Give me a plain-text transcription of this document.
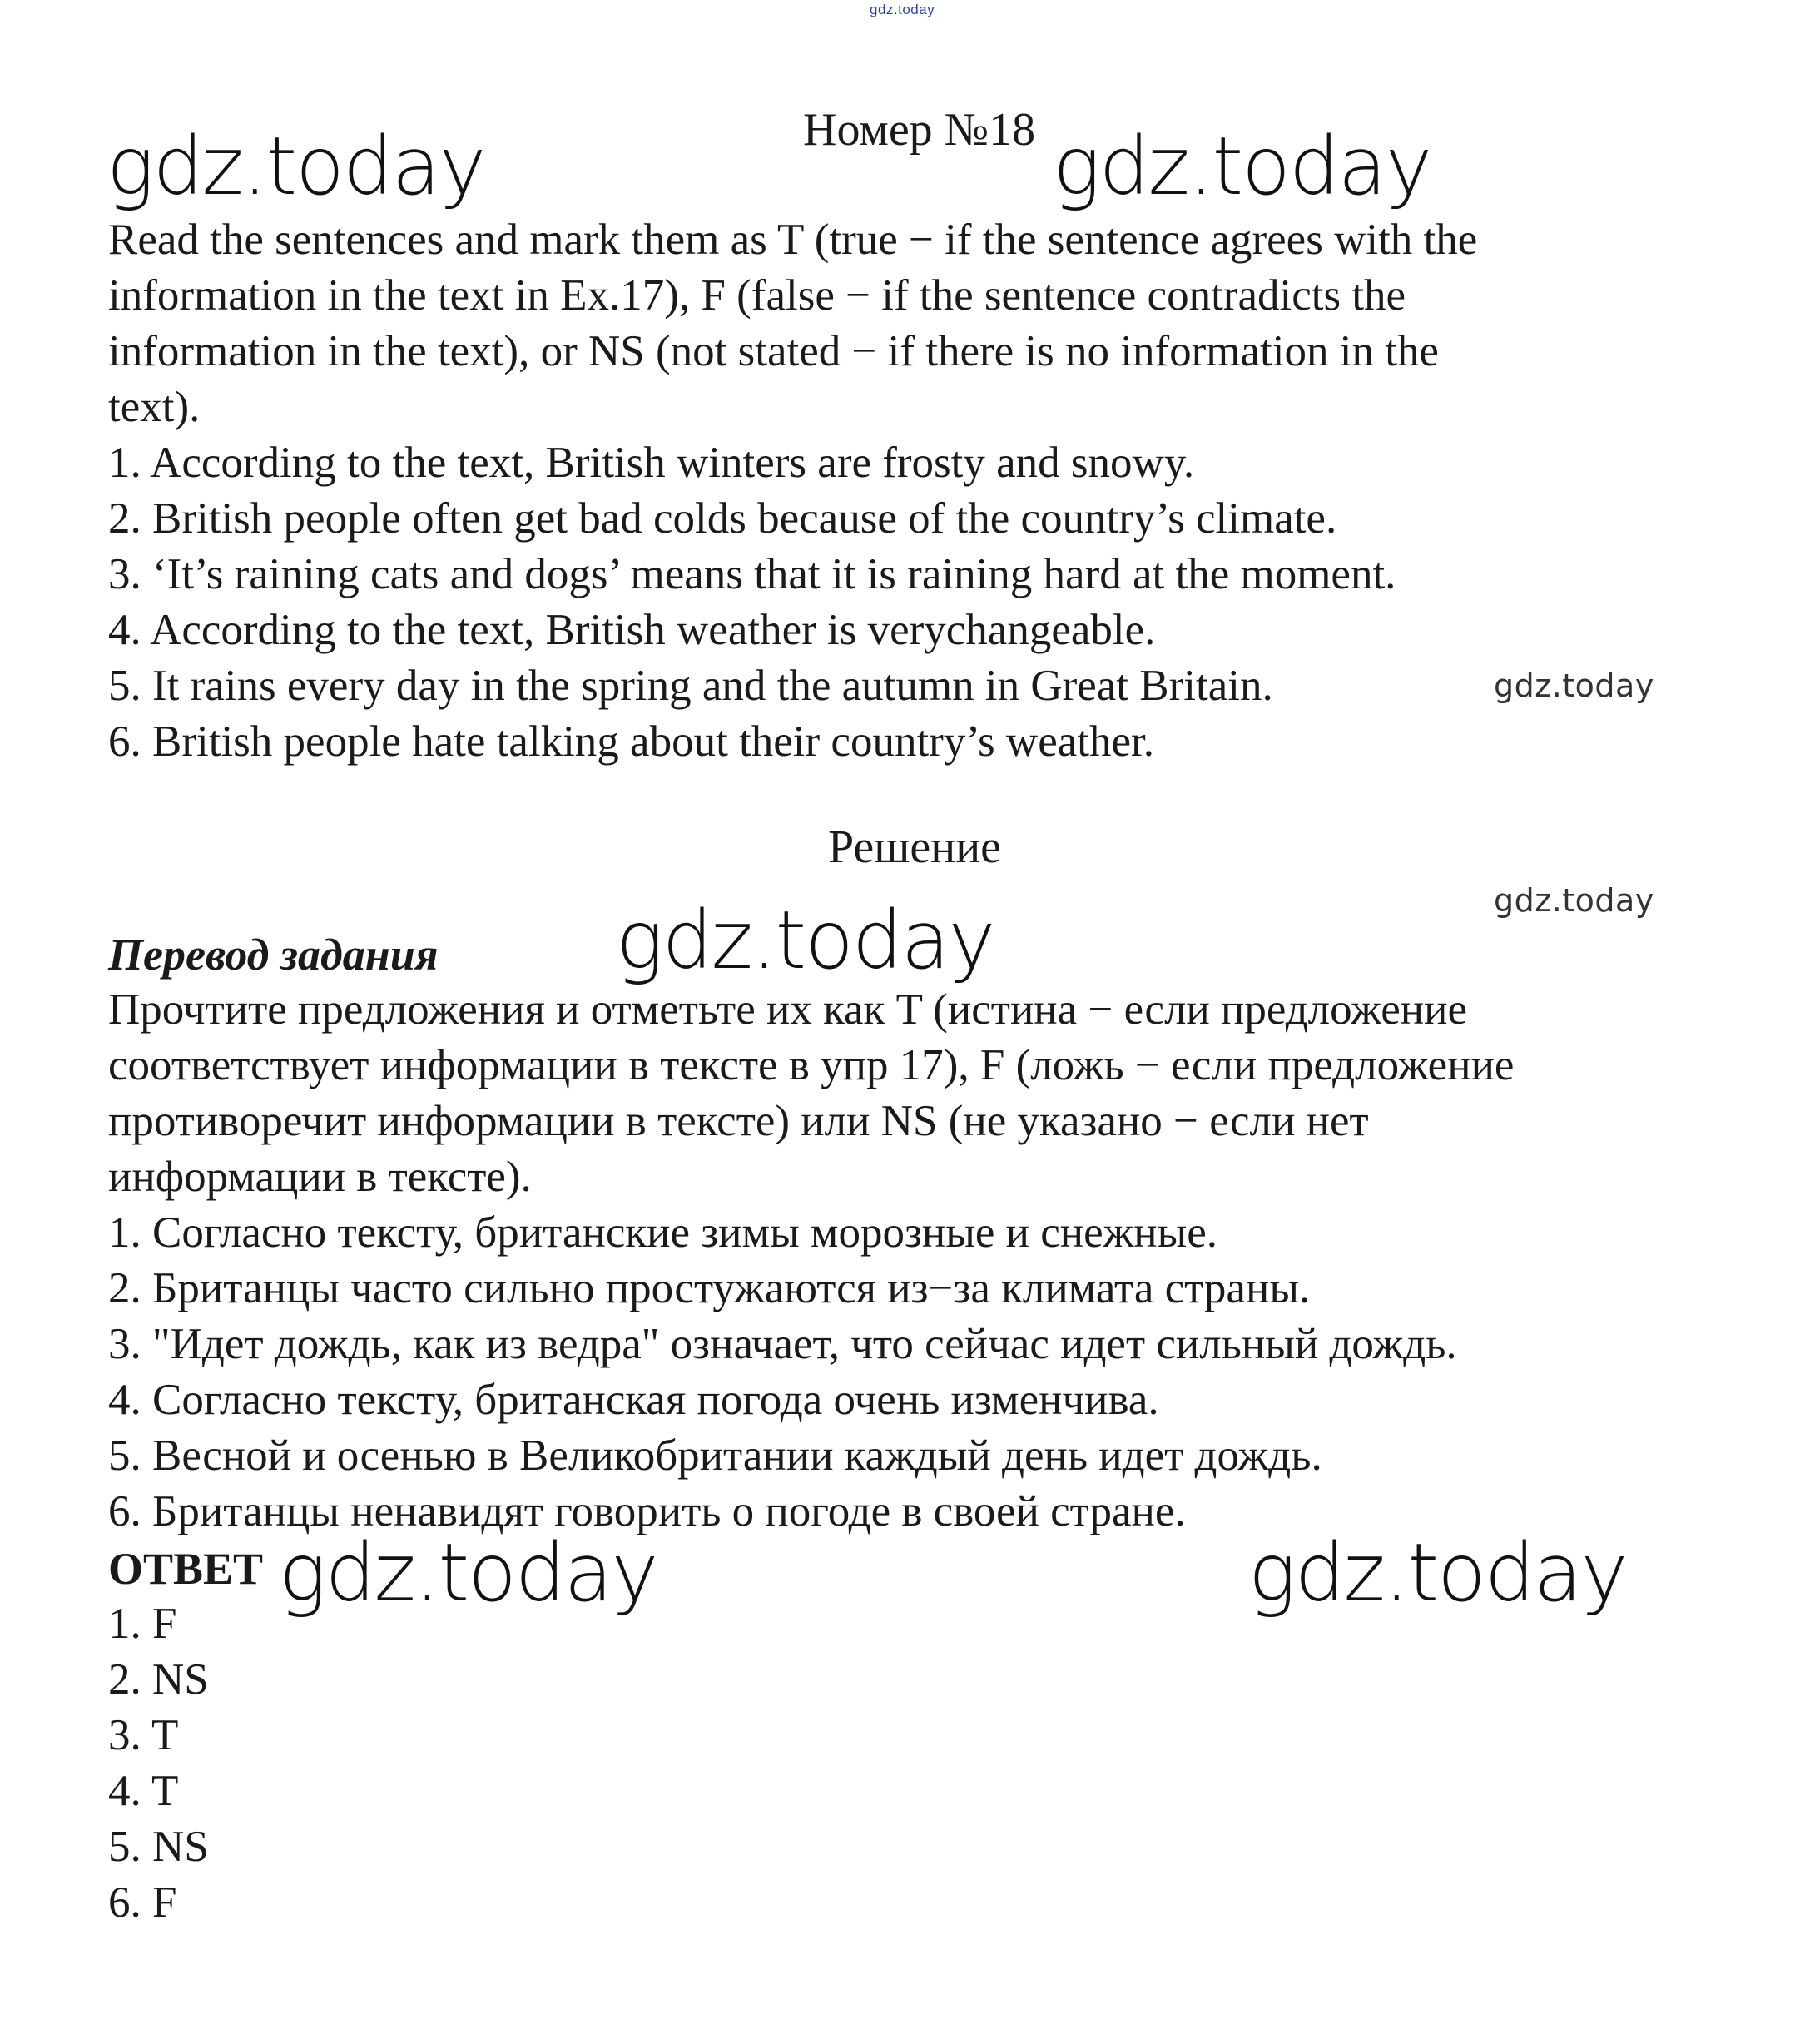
gdz.today
gdz.today	gdz.today
gdz.today
gdz.today
gdz.today
gdz.today	gdz.today
Номер №18
Read the sentences and mark them as T (true − if the sentence agrees with the
information in the text in Ex.17), F (false − if the sentence contradicts the
information in the text), or NS (not stated − if there is no information in the
text).
1. According to the text, British winters are frosty and snowy.
2. British people often get bad colds because of the country’s climate.
3. ‘It’s raining cats and dogs’ means that it is raining hard at the moment.
4. According to the text, British weather is verychangeable.
5. It rains every day in the spring and the autumn in Great Britain.
6. British people hate talking about their country’s weather.
Решение
Перевод задания
Прочтите предложения и отметьте их как T (истина − если предложение
соответствует информации в тексте в упр 17), F (ложь − если предложение
противоречит информации в тексте) или NS (не указано − если нет
информации в тексте).
1. Согласно тексту, британские зимы морозные и снежные.
2. Британцы часто сильно простужаются из−за климата страны.
3. "Идет дождь, как из ведра" означает, что сейчас идет сильный дождь.
4. Согласно тексту, британская погода очень изменчива.
5. Весной и осенью в Великобритании каждый день идет дождь.
6. Британцы ненавидят говорить о погоде в своей стране.
ОТВЕТ
1. F
2. NS
3. T
4. T
5. NS
6. F
